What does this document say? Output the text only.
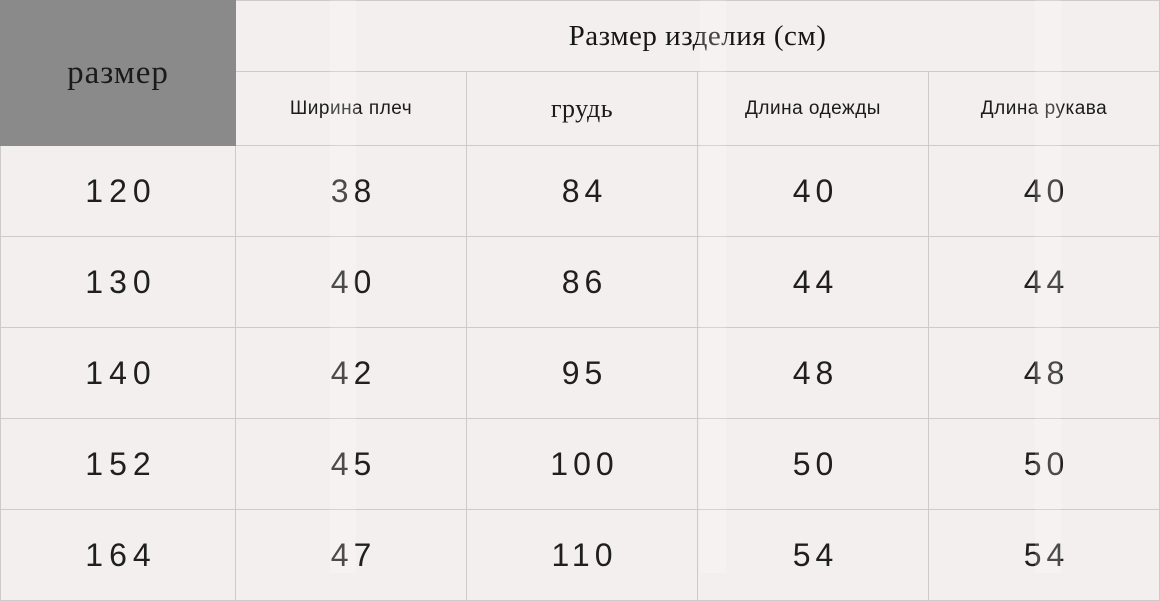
размер	Размер изделия (см)			
	Ширина плеч	грудь	Длина одежды	Длина рукава
120	38	84	40	40
130	40	86	44	44
140	42	95	48	48
152	45	100	50	50
164	47	110	54	54
